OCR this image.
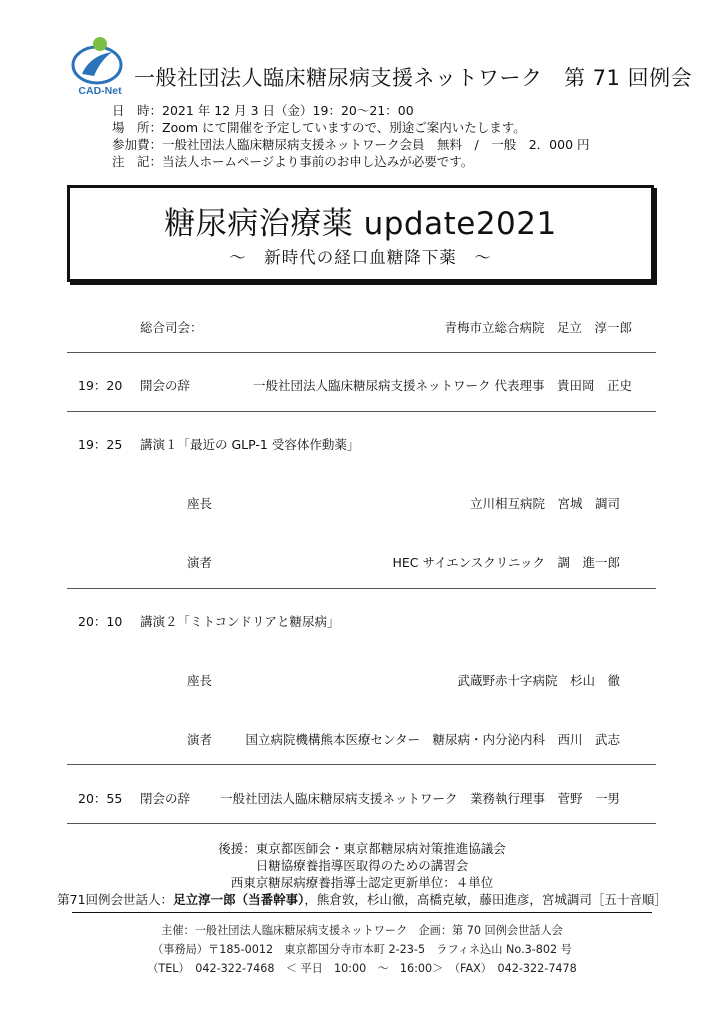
CAD-Net
一般社団法人臨床糖尿病支援ネットワーク　第 71 回例会
日　時：2021 年 12 月 3 日（金）19：20～21：00
場　所：Zoom にて開催を予定していますので、別途ご案内いたします。
参加費：一般社団法人臨床糖尿病支援ネットワーク会員　無料　/　一般　2．000 円
注　記：当法人ホームページより事前のお申し込みが必要です。
糖尿病治療薬 update2021
～　新時代の経口血糖降下薬　～
総合司会：	青梅市立総合病院　足立　淳一郎
19：20 開会の辞	一般社団法人臨床糖尿病支援ネットワーク 代表理事　貴田岡　正史
19：25 講演１「最近の GLP-1 受容体作動薬」
座長	立川相互病院　宮城　調司
演者	HEC サイエンスクリニック　調　進一郎
20：10 講演２「ミトコンドリアと糖尿病」
座長	武蔵野赤十字病院　杉山　徹
演者	国立病院機構熊本医療センター　糖尿病・内分泌内科　西川　武志
20：55 閉会の辞 一般社団法人臨床糖尿病支援ネットワーク　業務執行理事　菅野　一男
後援：東京都医師会・東京都糖尿病対策推進協議会
日糖協療養指導医取得のための講習会
西東京糖尿病療養指導士認定更新単位：４単位
第71回例会世話人：足立淳一郎（当番幹事），熊倉敦，杉山徹，高橋克敏，藤田進彦，宮城調司［五十音順］
主催：一般社団法人臨床糖尿病支援ネットワーク　企画：第 70 回例会世話人会
（事務局）〒185-0012　東京都国分寺市本町 2-23-5　ラフィネ込山 No.3-802 号
（TEL）　042-322-7468　＜ 平日　10:00　～　16:00＞　（FAX）　042-322-7478
